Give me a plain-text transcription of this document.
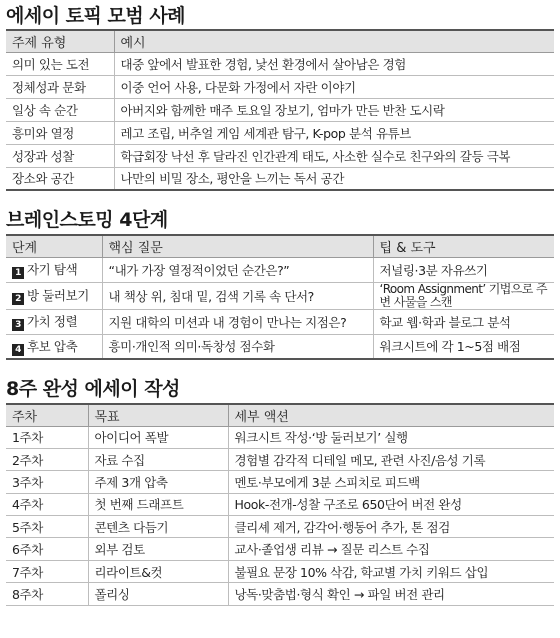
에세이 토픽 모범 사례
주제 유형	예시
의미 있는 도전	대중 앞에서 발표한 경험, 낯선 환경에서 살아남은 경험
정체성과 문화	이중 언어 사용, 다문화 가정에서 자란 이야기
일상 속 순간	아버지와 함께한 매주 토요일 장보기, 엄마가 만든 반찬 도시락
흥미와 열정	레고 조립, 버추얼 게임 세계관 탐구, K-pop 분석 유튜브
성장과 성찰	학급회장 낙선 후 달라진 인간관계 태도, 사소한 실수로 친구와의 갈등 극복
장소와 공간	나만의 비밀 장소, 평안을 느끼는 독서 공간
브레인스토밍 4단계
단계	핵심 질문	팁 & 도구
1 자기 탐색	“내가 가장 열정적이었던 순간은?”	저널링·3분 자유쓰기
2 방 둘러보기	내 책상 위, 침대 밑, 검색 기록 속 단서?	‘Room Assignment’ 기법으로 주변 사물을 스캔
3 가치 정렬	지원 대학의 미션과 내 경험이 만나는 지점은?	학교 웹·학과 블로그 분석
4 후보 압축	흥미·개인적 의미·독창성 점수화	워크시트에 각 1~5점 배점
8주 완성 에세이 작성
주차	목표	세부 액션
1주차	아이디어 폭발	워크시트 작성·‘방 둘러보기’ 실행
2주차	자료 수집	경험별 감각적 디테일 메모, 관련 사진/음성 기록
3주차	주제 3개 압축	멘토·부모에게 3분 스피치로 피드백
4주차	첫 번째 드래프트	Hook-전개-성찰 구조로 650단어 버전 완성
5주차	콘텐츠 다듬기	클리셰 제거, 감각어·행동어 추가, 톤 점검
6주차	외부 검토	교사·졸업생 리뷰 → 질문 리스트 수집
7주차	리라이트&컷	불필요 문장 10% 삭감, 학교별 가치 키워드 삽입
8주차	폴리싱	낭독·맞춤법·형식 확인 → 파일 버전 관리
